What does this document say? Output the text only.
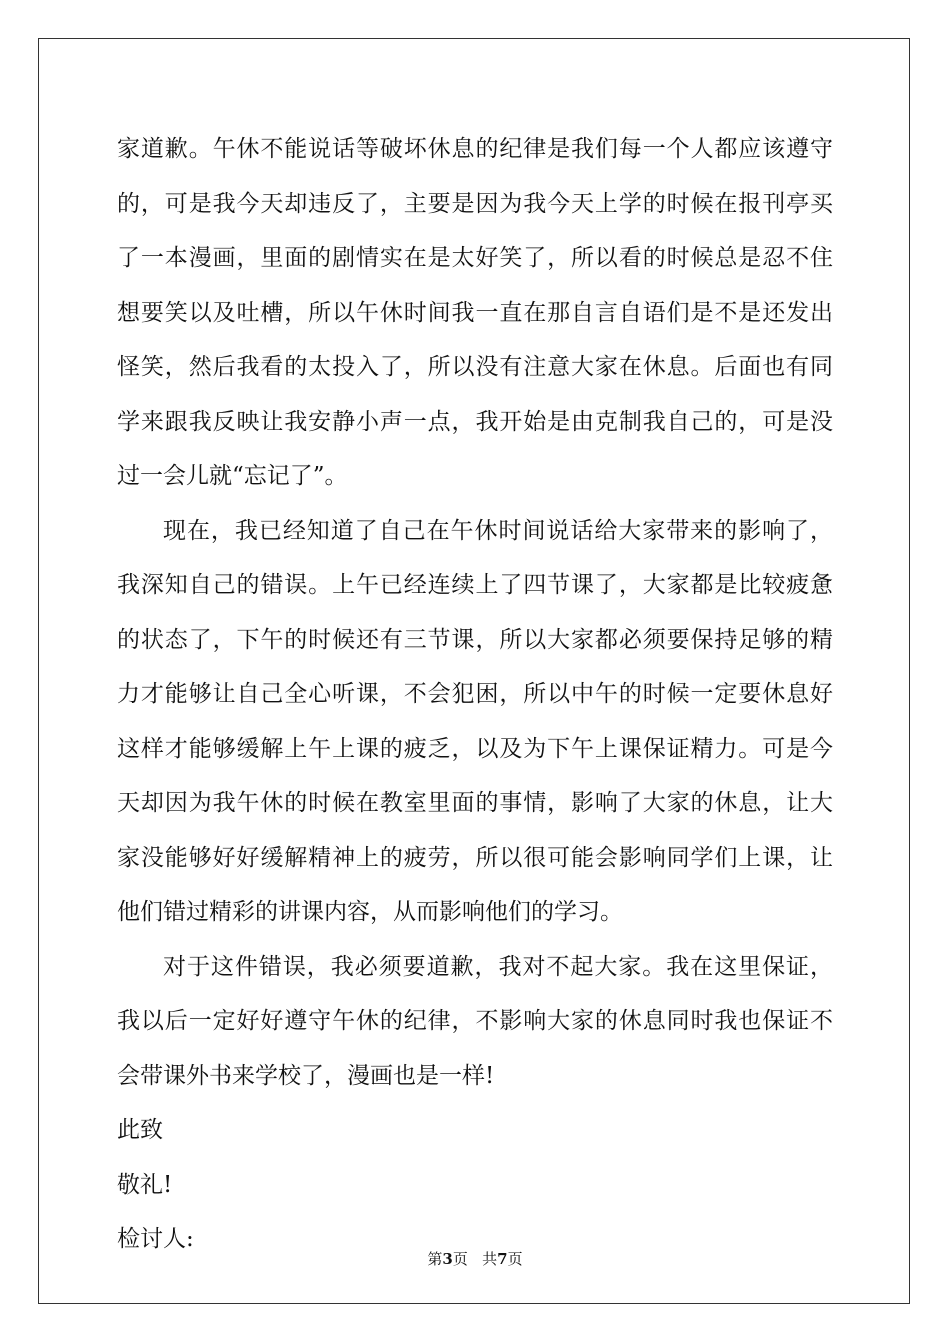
家道歉。午休不能说话等破坏休息的纪律是我们每一个人都应该遵守
的，可是我今天却违反了，主要是因为我今天上学的时候在报刊亭买
了一本漫画，里面的剧情实在是太好笑了，所以看的时候总是忍不住
想要笑以及吐槽，所以午休时间我一直在那自言自语们是不是还发出
怪笑，然后我看的太投入了，所以没有注意大家在休息。后面也有同
学来跟我反映让我安静小声一点，我开始是由克制我自己的，可是没
过一会儿就“忘记了”。
现在，我已经知道了自己在午休时间说话给大家带来的影响了，
我深知自己的错误。上午已经连续上了四节课了，大家都是比较疲惫
的状态了，下午的时候还有三节课，所以大家都必须要保持足够的精
力才能够让自己全心听课，不会犯困，所以中午的时候一定要休息好
这样才能够缓解上午上课的疲乏，以及为下午上课保证精力。可是今
天却因为我午休的时候在教室里面的事情，影响了大家的休息，让大
家没能够好好缓解精神上的疲劳，所以很可能会影响同学们上课，让
他们错过精彩的讲课内容，从而影响他们的学习。
对于这件错误，我必须要道歉，我对不起大家。我在这里保证，
我以后一定好好遵守午休的纪律，不影响大家的休息同时我也保证不
会带课外书来学校了，漫画也是一样!
此致
敬礼!
检讨人:
第3页 共7页
